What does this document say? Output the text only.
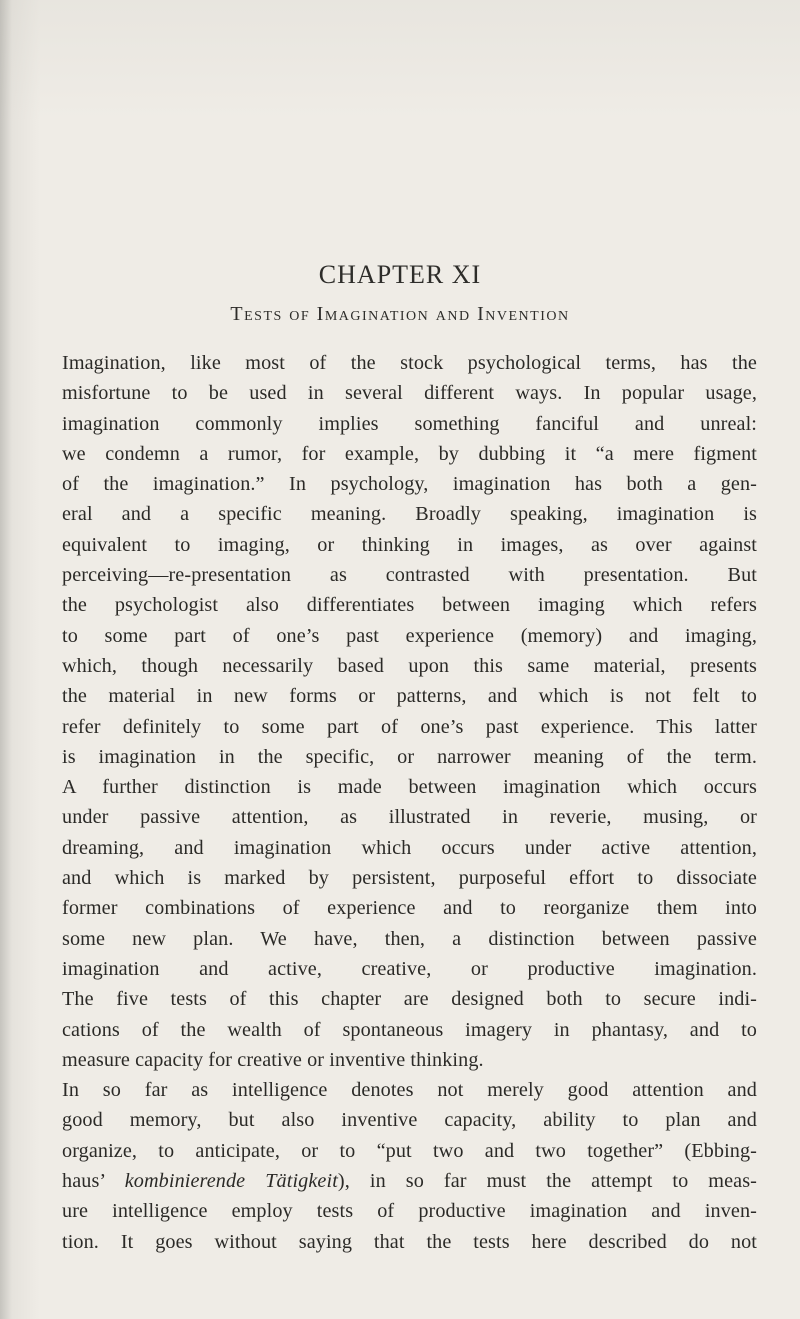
CHAPTER XI
Tests of Imagination and Invention
Imagination, like most of the stock psychological terms, has the
misfortune to be used in several different ways. In popular usage,
imagination commonly implies something fanciful and unreal:
we condemn a rumor, for example, by dubbing it “a mere figment
of the imagination.” In psychology, imagination has both a gen-
eral and a specific meaning. Broadly speaking, imagination is
equivalent to imaging, or thinking in images, as over against
perceiving—re-presentation as contrasted with presentation. But
the psychologist also differentiates between imaging which refers
to some part of one’s past experience (memory) and imaging,
which, though necessarily based upon this same material, presents
the material in new forms or patterns, and which is not felt to
refer definitely to some part of one’s past experience. This latter
is imagination in the specific, or narrower meaning of the term.
A further distinction is made between imagination which occurs
under passive attention, as illustrated in reverie, musing, or
dreaming, and imagination which occurs under active attention,
and which is marked by persistent, purposeful effort to dissociate
former combinations of experience and to reorganize them into
some new plan. We have, then, a distinction between passive
imagination and active, creative, or productive imagination.
The five tests of this chapter are designed both to secure indi-
cations of the wealth of spontaneous imagery in phantasy, and to
measure capacity for creative or inventive thinking.
In so far as intelligence denotes not merely good attention and
good memory, but also inventive capacity, ability to plan and
organize, to anticipate, or to “put two and two together” (Ebbing-
haus’ kombinierende Tätigkeit), in so far must the attempt to meas-
ure intelligence employ tests of productive imagination and inven-
tion. It goes without saying that the tests here described do not
